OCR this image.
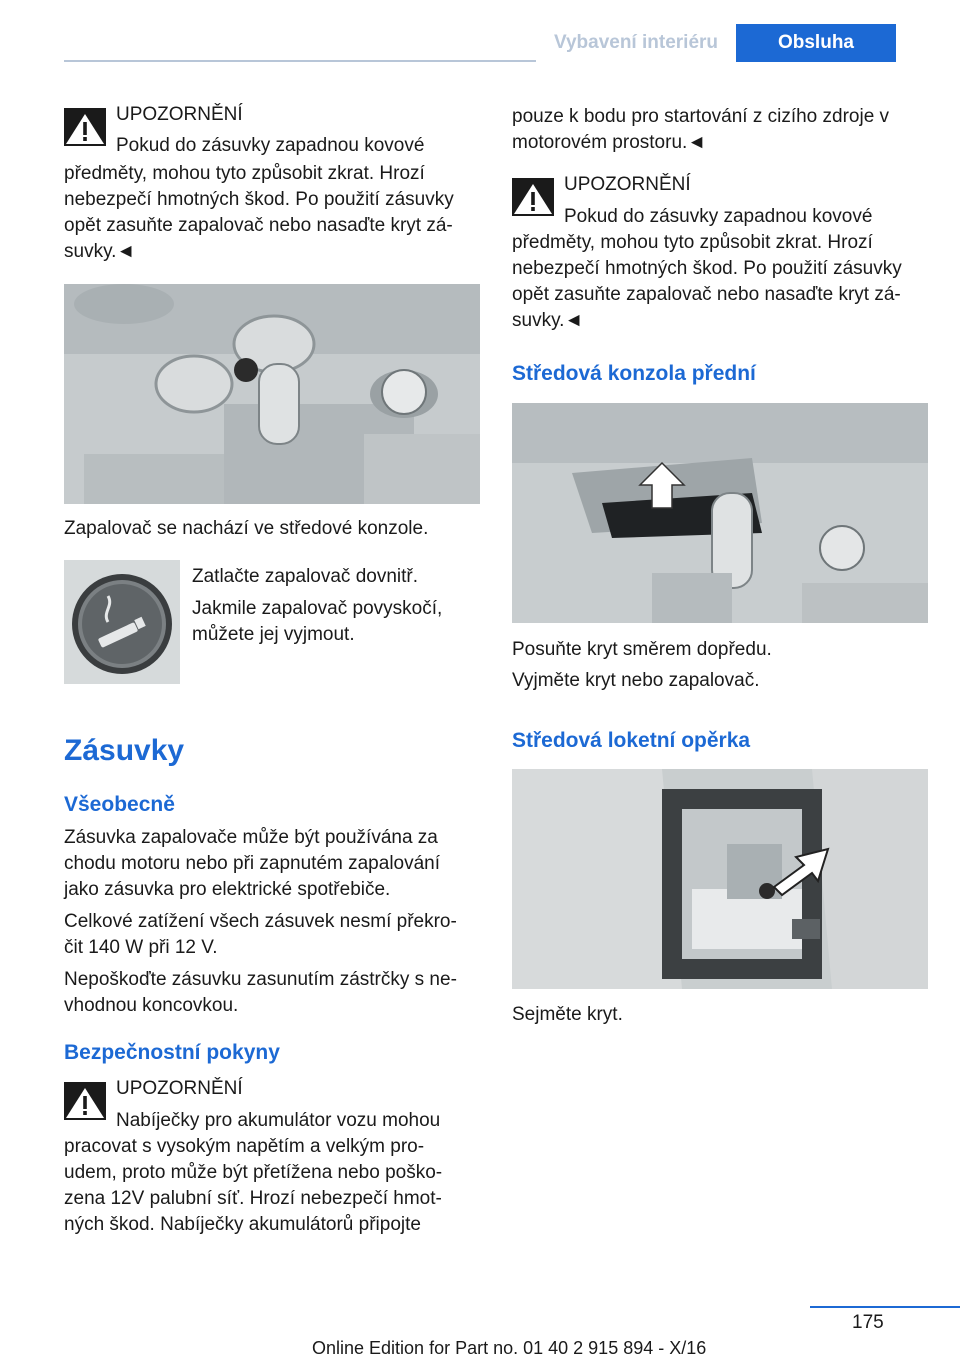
Vybavení interiéru	Obsluha

UPOZORNĚNÍ

Pokud do zásuvky zapadnou kovové

předměty, mohou tyto způsobit zkrat. Hrozí

nebezpečí hmotných škod. Po použití zásuvky

opět zasuňte zapalovač nebo nasaďte kryt zá‐

suvky.◄

Zapalovač se nachází ve středové konzole.

Zatlačte zapalovač dovnitř.

Jakmile zapalovač povyskočí,

můžete jej vyjmout.

Zásuvky
Všeobecně

Zásuvka zapalovače může být používána za

chodu motoru nebo při zapnutém zapalování

jako zásuvka pro elektrické spotřebiče.

Celkové zatížení všech zásuvek nesmí překro‐

čit 140 W při 12 V.

Nepoškoďte zásuvku zasunutím zástrčky s ne‐

vhodnou koncovkou.

Bezpečnostní pokyny

UPOZORNĚNÍ

Nabíječky pro akumulátor vozu mohou

pracovat s vysokým napětím a velkým pro‐

udem, proto může být přetížena nebo poško‐

zena 12V palubní síť. Hrozí nebezpečí hmot‐

ných škod. Nabíječky akumulátorů připojte

pouze k bodu pro startování z cizího zdroje v

motorovém prostoru.◄

UPOZORNĚNÍ

Pokud do zásuvky zapadnou kovové

předměty, mohou tyto způsobit zkrat. Hrozí

nebezpečí hmotných škod. Po použití zásuvky

opět zasuňte zapalovač nebo nasaďte kryt zá‐

suvky.◄

Středová konzola přední

Posuňte kryt směrem dopředu.

Vyjměte kryt nebo zapalovač.

Středová loketní opěrka

Sejměte kryt.

175
Online Edition for Part no. 01 40 2 915 894 - X/16
